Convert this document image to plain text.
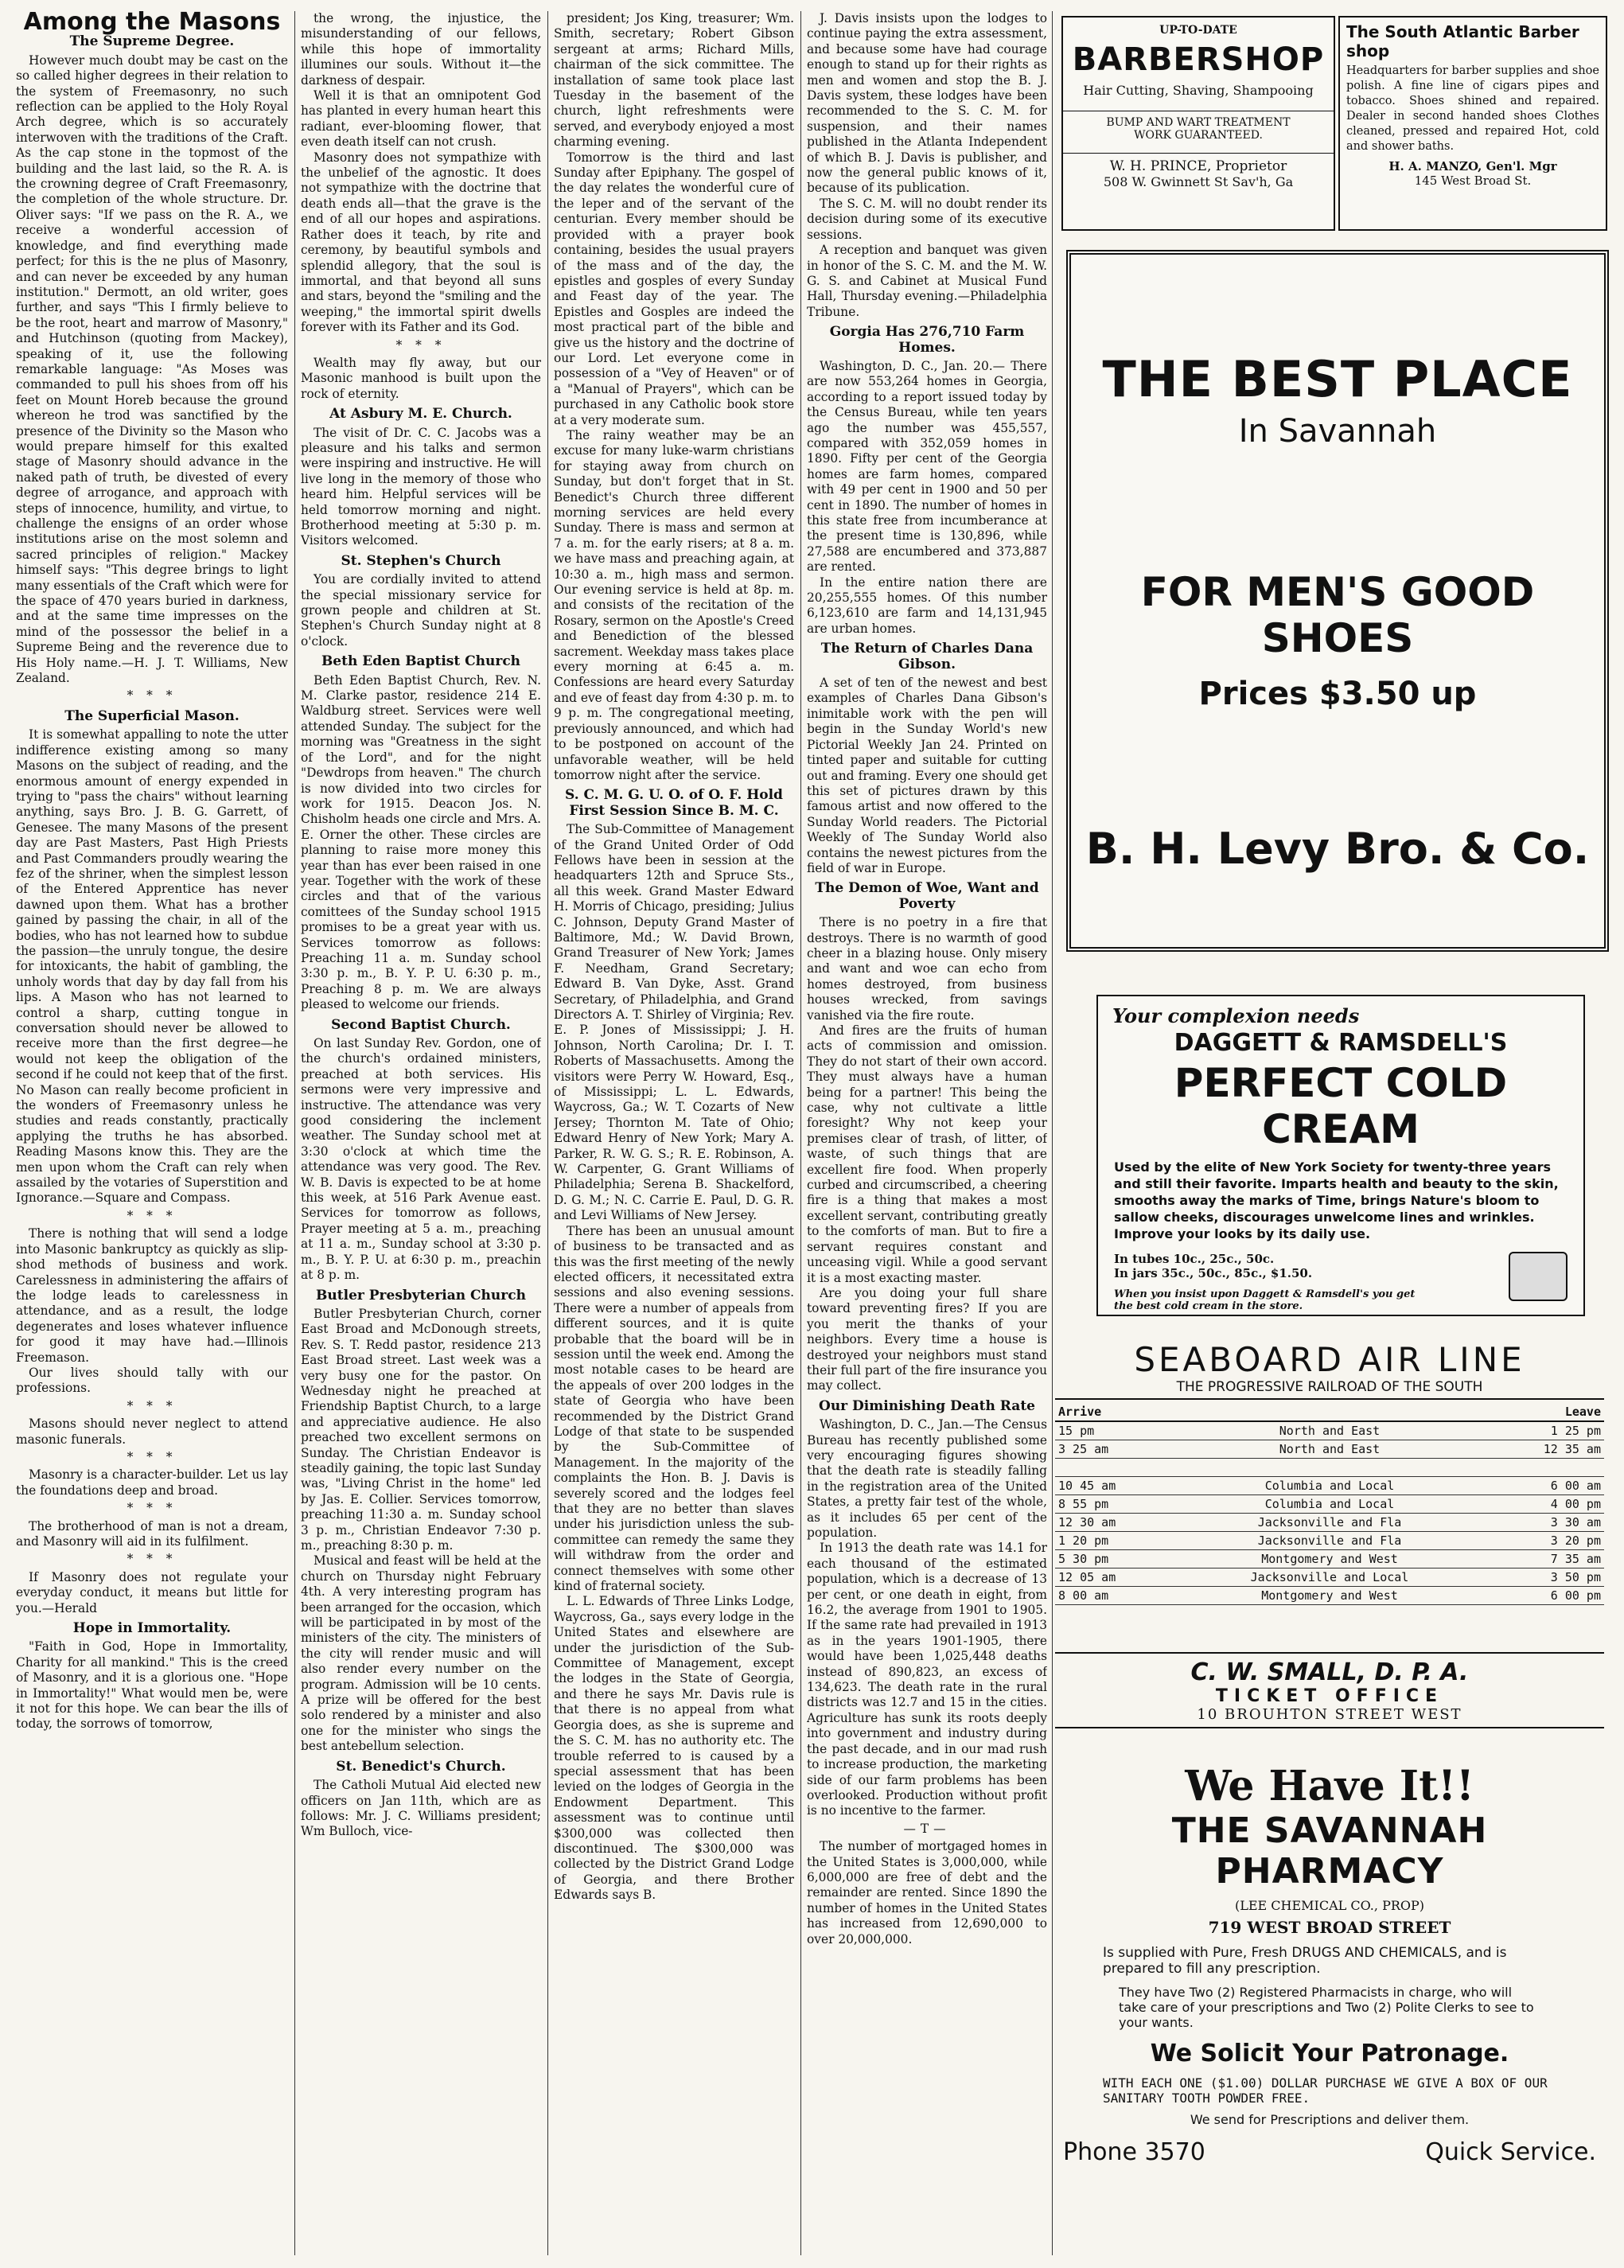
Among the Masons
The Supreme Degree.

However much doubt may be cast on the so called higher degrees in their relation to the system of Freemasonry, no such reflection can be applied to the Holy Royal Arch degree, which is so accurately interwoven with the traditions of the Craft. As the cap stone in the topmost of the building and the last laid, so the R. A. is the crowning degree of Craft Freemasonry, the completion of the whole structure. Dr. Oliver says: "If we pass on the R. A., we receive a wonderful accession of knowledge, and find everything made perfect; for this is the ne plus of Masonry, and can never be exceeded by any human institution." Dermott, an old writer, goes further, and says "This I firmly believe to be the root, heart and marrow of Masonry," and Hutchinson (quoting from Mackey), speaking of it, use the following remarkable language: "As Moses was commanded to pull his shoes from off his feet on Mount Horeb because the ground whereon he trod was sanctified by the presence of the Divinity so the Mason who would prepare himself for this exalted stage of Masonry should advance in the naked path of truth, be divested of every degree of arrogance, and approach with steps of innocence, humility, and virtue, to challenge the ensigns of an order whose institutions arise on the most solemn and sacred principles of religion." Mackey himself says: "This degree brings to light many essentials of the Craft which were for the space of 470 years buried in darkness, and at the same time impresses on the mind of the possessor the belief in a Supreme Being and the reverence due to His Holy name.—H. J. T. Williams, New Zealand.

* * *
The Superficial Mason.

It is somewhat appalling to note the utter indifference existing among so many Masons on the subject of reading, and the enormous amount of energy expended in trying to "pass the chairs" without learning anything, says Bro. J. B. G. Garrett, of Genesee. The many Masons of the present day are Past Masters, Past High Priests and Past Commanders proudly wearing the fez of the shriner, when the simplest lesson of the Entered Apprentice has never dawned upon them. What has a brother gained by passing the chair, in all of the bodies, who has not learned how to subdue the passion—the unruly tongue, the desire for intoxicants, the habit of gambling, the unholy words that day by day fall from his lips. A Mason who has not learned to control a sharp, cutting tongue in conversation should never be allowed to receive more than the first degree—he would not keep the obligation of the second if he could not keep that of the first. No Mason can really become proficient in the wonders of Freemasonry unless he studies and reads constantly, practically applying the truths he has absorbed. Reading Masons know this. They are the men upon whom the Craft can rely when assailed by the votaries of Superstition and Ignorance.—Square and Compass.

* * *

There is nothing that will send a lodge into Masonic bankruptcy as quickly as slip-shod methods of business and work. Carelessness in administering the affairs of the lodge leads to carelessness in attendance, and as a result, the lodge degenerates and loses whatever influence for good it may have had.—Illinois Freemason.

Our lives should tally with our professions.

* * *

Masons should never neglect to attend masonic funerals.

* * *

Masonry is a character-builder. Let us lay the foundations deep and broad.

* * *

The brotherhood of man is not a dream, and Masonry will aid in its fulfilment.

* * *

If Masonry does not regulate your everyday conduct, it means but little for you.—Herald

Hope in Immortality.

"Faith in God, Hope in Immortality, Charity for all mankind." This is the creed of Masonry, and it is a glorious one. "Hope in Immortality!" What would men be, were it not for this hope. We can bear the ills of today, the sorrows of tomorrow,

the wrong, the injustice, the misunderstanding of our fellows, while this hope of immortality illumines our souls. Without it—the darkness of despair.

Well it is that an omnipotent God has planted in every human heart this radiant, ever-blooming flower, that even death itself can not crush.

Masonry does not sympathize with the unbelief of the agnostic. It does not sympathize with the doctrine that death ends all—that the grave is the end of all our hopes and aspirations. Rather does it teach, by rite and ceremony, by beautiful symbols and splendid allegory, that the soul is immortal, and that beyond all suns and stars, beyond the "smiling and the weeping," the immortal spirit dwells forever with its Father and its God.

* * *

Wealth may fly away, but our Masonic manhood is built upon the rock of eternity.

At Asbury M. E. Church.

The visit of Dr. C. C. Jacobs was a pleasure and his talks and sermon were inspiring and instructive. He will live long in the memory of those who heard him. Helpful services will be held tomorrow morning and night. Brotherhood meeting at 5:30 p. m. Visitors welcomed.

St. Stephen's Church

You are cordially invited to attend the special missionary service for grown people and children at St. Stephen's Church Sunday night at 8 o'clock.

Beth Eden Baptist Church

Beth Eden Baptist Church, Rev. N. M. Clarke pastor, residence 214 E. Waldburg street. Services were well attended Sunday. The subject for the morning was "Greatness in the sight of the Lord", and for the night "Dewdrops from heaven." The church is now divided into two circles for work for 1915. Deacon Jos. N. Chisholm heads one circle and Mrs. A. E. Orner the other. These circles are planning to raise more money this year than has ever been raised in one year. Together with the work of these circles and that of the various comittees of the Sunday school 1915 promises to be a great year with us. Services tomorrow as follows: Preaching 11 a. m. Sunday school 3:30 p. m., B. Y. P. U. 6:30 p. m., Preaching 8 p. m. We are always pleased to welcome our friends.

Second Baptist Church.

On last Sunday Rev. Gordon, one of the church's ordained ministers, preached at both services. His sermons were very impressive and instructive. The attendance was very good considering the inclement weather. The Sunday school met at 3:30 o'clock at which time the attendance was very good. The Rev. W. B. Davis is expected to be at home this week, at 516 Park Avenue east. Services for tomorrow as follows, Prayer meeting at 5 a. m., preaching at 11 a. m., Sunday school at 3:30 p. m., B. Y. P. U. at 6:30 p. m., preachin at 8 p. m.

Butler Presbyterian Church

Butler Presbyterian Church, corner East Broad and McDonough streets, Rev. S. T. Redd pastor, residence 213 East Broad street. Last week was a very busy one for the pastor. On Wednesday night he preached at Friendship Baptist Church, to a large and appreciative audience. He also preached two excellent sermons on Sunday. The Christian Endeavor is steadily gaining, the topic last Sunday was, "Living Christ in the home" led by Jas. E. Collier. Services tomorrow, preaching 11:30 a. m. Sunday school 3 p. m., Christian Endeavor 7:30 p. m., preaching 8:30 p. m.

Musical and feast will be held at the church on Thursday night February 4th. A very interesting program has been arranged for the occasion, which will be participated in by most of the ministers of the city. The ministers of the city will render music and will also render every number on the program. Admission will be 10 cents. A prize will be offered for the best solo rendered by a minister and also one for the minister who sings the best antebellum selection.

St. Benedict's Church.

The Catholi Mutual Aid elected new officers on Jan 11th, which are as follows: Mr. J. C. Williams president; Wm Bulloch, vice-

president; Jos King, treasurer; Wm. Smith, secretary; Robert Gibson sergeant at arms; Richard Mills, chairman of the sick committee. The installation of same took place last Tuesday in the basement of the church, light refreshments were served, and everybody enjoyed a most charming evening.

Tomorrow is the third and last Sunday after Epiphany. The gospel of the day relates the wonderful cure of the leper and of the servant of the centurian. Every member should be provided with a prayer book containing, besides the usual prayers of the mass and of the day, the epistles and gosples of every Sunday and Feast day of the year. The Epistles and Gosples are indeed the most practical part of the bible and give us the history and the doctrine of our Lord. Let everyone come in possession of a "Vey of Heaven" or of a "Manual of Prayers", which can be purchased in any Catholic book store at a very moderate sum.

The rainy weather may be an excuse for many luke-warm christians for staying away from church on Sunday, but don't forget that in St. Benedict's Church three different morning services are held every Sunday. There is mass and sermon at 7 a. m. for the early risers; at 8 a. m. we have mass and preaching again, at 10:30 a. m., high mass and sermon. Our evening service is held at 8p. m. and consists of the recitation of the Rosary, sermon on the Apostle's Creed and Benediction of the blessed sacrement. Weekday mass takes place every morning at 6:45 a. m. Confessions are heard every Saturday and eve of feast day from 4:30 p. m. to 9 p. m. The congregational meeting, previously announced, and which had to be postponed on account of the unfavorable weather, will be held tomorrow night after the service.

S. C. M. G. U. O. of O. F. Hold First Session Since B. M. C.

The Sub-Committee of Management of the Grand United Order of Odd Fellows have been in session at the headquarters 12th and Spruce Sts., all this week. Grand Master Edward H. Morris of Chicago, presiding; Julius C. Johnson, Deputy Grand Master of Baltimore, Md.; W. David Brown, Grand Treasurer of New York; James F. Needham, Grand Secretary; Edward B. Van Dyke, Asst. Grand Secretary, of Philadelphia, and Grand Directors A. T. Shirley of Virginia; Rev. E. P. Jones of Mississippi; J. H. Johnson, North Carolina; Dr. I. T. Roberts of Massachusetts. Among the visitors were Perry W. Howard, Esq., of Mississippi; L. L. Edwards, Waycross, Ga.; W. T. Cozarts of New Jersey; Thornton M. Tate of Ohio; Edward Henry of New York; Mary A. Parker, R. W. G. S.; R. E. Robinson, A. W. Carpenter, G. Grant Williams of Philadelphia; Serena B. Shackelford, D. G. M.; N. C. Carrie E. Paul, D. G. R. and Levi Williams of New Jersey.

There has been an unusual amount of business to be transacted and as this was the first meeting of the newly elected officers, it necessitated extra sessions and also evening sessions. There were a number of appeals from different sources, and it is quite probable that the board will be in session until the week end. Among the most notable cases to be heard are the appeals of over 200 lodges in the state of Georgia who have been recommended by the District Grand Lodge of that state to be suspended by the Sub-Committee of Management. In the majority of the complaints the Hon. B. J. Davis is severely scored and the lodges feel that they are no better than slaves under his jurisdiction unless the sub-committee can remedy the same they will withdraw from the order and connect themselves with some other kind of fraternal society.

L. L. Edwards of Three Links Lodge, Waycross, Ga., says every lodge in the United States and elsewhere are under the jurisdiction of the Sub-Committee of Management, except the lodges in the State of Georgia, and there he says Mr. Davis rule is that there is no appeal from what Georgia does, as she is supreme and the S. C. M. has no authority etc. The trouble referred to is caused by a special assessment that has been levied on the lodges of Georgia in the Endowment Department. This assessment was to continue until $300,000 was collected then discontinued. The $300,000 was collected by the District Grand Lodge of Georgia, and there Brother Edwards says B.

J. Davis insists upon the lodges to continue paying the extra assessment, and because some have had courage enough to stand up for their rights as men and women and stop the B. J. Davis system, these lodges have been recommended to the S. C. M. for suspension, and their names published in the Atlanta Independent of which B. J. Davis is publisher, and now the general public knows of it, because of its publication.

The S. C. M. will no doubt render its decision during some of its executive sessions.

A reception and banquet was given in honor of the S. C. M. and the M. W. G. S. and Cabinet at Musical Fund Hall, Thursday evening.—Philadelphia Tribune.

Gorgia Has 276,710 Farm Homes.

Washington, D. C., Jan. 20.— There are now 553,264 homes in Georgia, according to a report issued today by the Census Bureau, while ten years ago the number was 455,557, compared with 352,059 homes in 1890. Fifty per cent of the Georgia homes are farm homes, compared with 49 per cent in 1900 and 50 per cent in 1890. The number of homes in this state free from incumberance at the present time is 130,896, while 27,588 are encumbered and 373,887 are rented.

In the entire nation there are 20,255,555 homes. Of this number 6,123,610 are farm and 14,131,945 are urban homes.

The Return of Charles Dana Gibson.

A set of ten of the newest and best examples of Charles Dana Gibson's inimitable work with the pen will begin in the Sunday World's new Pictorial Weekly Jan 24. Printed on tinted paper and suitable for cutting out and framing. Every one should get this set of pictures drawn by this famous artist and now offered to the Sunday World readers. The Pictorial Weekly of The Sunday World also contains the newest pictures from the field of war in Europe.

The Demon of Woe, Want and Poverty

There is no poetry in a fire that destroys. There is no warmth of good cheer in a blazing house. Only misery and want and woe can echo from homes destroyed, from business houses wrecked, from savings vanished via the fire route.

And fires are the fruits of human acts of commission and omission. They do not start of their own accord. They must always have a human being for a partner! This being the case, why not cultivate a little foresight? Why not keep your premises clear of trash, of litter, of waste, of such things that are excellent fire food. When properly curbed and circumscribed, a cheering fire is a thing that makes a most excellent servant, contributing greatly to the comforts of man. But to fire a servant requires constant and unceasing vigil. While a good servant it is a most exacting master.

Are you doing your full share toward preventing fires? If you are you merit the thanks of your neighbors. Every time a house is destroyed your neighbors must stand their full part of the fire insurance you may collect.

Our Diminishing Death Rate

Washington, D. C., Jan.—The Census Bureau has recently published some very encouraging figures showing that the death rate is steadily falling in the registration area of the United States, a pretty fair test of the whole, as it includes 65 per cent of the population.

In 1913 the death rate was 14.1 for each thousand of the estimated population, which is a decrease of 13 per cent, or one death in eight, from 16.2, the average from 1901 to 1905. If the same rate had prevailed in 1913 as in the years 1901-1905, there would have been 1,025,448 deaths instead of 890,823, an excess of 134,623. The death rate in the rural districts was 12.7 and 15 in the cities. Agriculture has sunk its roots deeply into government and industry during the past decade, and in our mad rush to increase production, the marketing side of our farm problems has been overlooked. Production without profit is no incentive to the farmer.

—T—

The number of mortgaged homes in the United States is 3,000,000, while 6,000,000 are free of debt and the remainder are rented. Since 1890 the number of homes in the United States has increased from 12,690,000 to over 20,000,000.

UP-TO-DATE
BARBERSHOP
Hair Cutting, Shaving, Shampooing
BUMP AND WART TREATMENT
WORK GUARANTEED.
W. H. PRINCE, Proprietor
508 W. Gwinnett St Sav'h, Ga
The South Atlantic Barber shop
Headquarters for barber supplies and shoe polish. A fine line of cigars pipes and tobacco. Shoes shined and repaired. Dealer in second handed shoes Clothes cleaned, pressed and repaired Hot, cold and shower baths.
H. A. MANZO, Gen'l. Mgr
145 West Broad St.
THE BEST PLACE
In Savannah
FOR MEN'S GOOD SHOES
Prices $3.50 up
B. H. Levy Bro. & Co.
Your complexion needs
DAGGETT & RAMSDELL'S
PERFECT COLD CREAM
Used by the elite of New York Society for twenty-three years and still their favorite. Imparts health and beauty to the skin, smooths away the marks of Time, brings Nature's bloom to sallow cheeks, discourages unwelcome lines and wrinkles. Improve your looks by its daily use.
In tubes 10c., 25c., 50c.
In jars 35c., 50c., 85c., $1.50.
When you insist upon Daggett & Ramsdell's you get the best cold cream in the store.
SEABOARD AIR LINE
THE PROGRESSIVE RAILROAD OF THE SOUTH
Arrive		Leave
15 pm	North and East	1 25 pm
3 25 am	North and East	12 35 am

10 45 am	Columbia and Local	6 00 am
8 55 pm	Columbia and Local	4 00 pm
12 30 am	Jacksonville and Fla	3 30 am
1 20 pm	Jacksonville and Fla	3 20 pm
5 30 pm	Montgomery and West	7 35 am
12 05 am	Jacksonville and Local	3 50 pm
8 00 am	Montgomery and West	6 00 pm
C. W. SMALL, D. P. A.
TICKET OFFICE
10 BROUHTON STREET WEST
We Have It!!
THE SAVANNAH PHARMACY
(LEE CHEMICAL CO., PROP)
719 WEST BROAD STREET
Is supplied with Pure, Fresh DRUGS AND CHEMICALS, and is prepared to fill any prescription.
They have Two (2) Registered Pharmacists in charge, who will take care of your prescriptions and Two (2) Polite Clerks to see to your wants.
We Solicit Your Patronage.
WITH EACH ONE ($1.00) DOLLAR PURCHASE WE GIVE A BOX OF OUR SANITARY TOOTH POWDER FREE.
We send for Prescriptions and deliver them.
Phone 3570	Quick Service.
